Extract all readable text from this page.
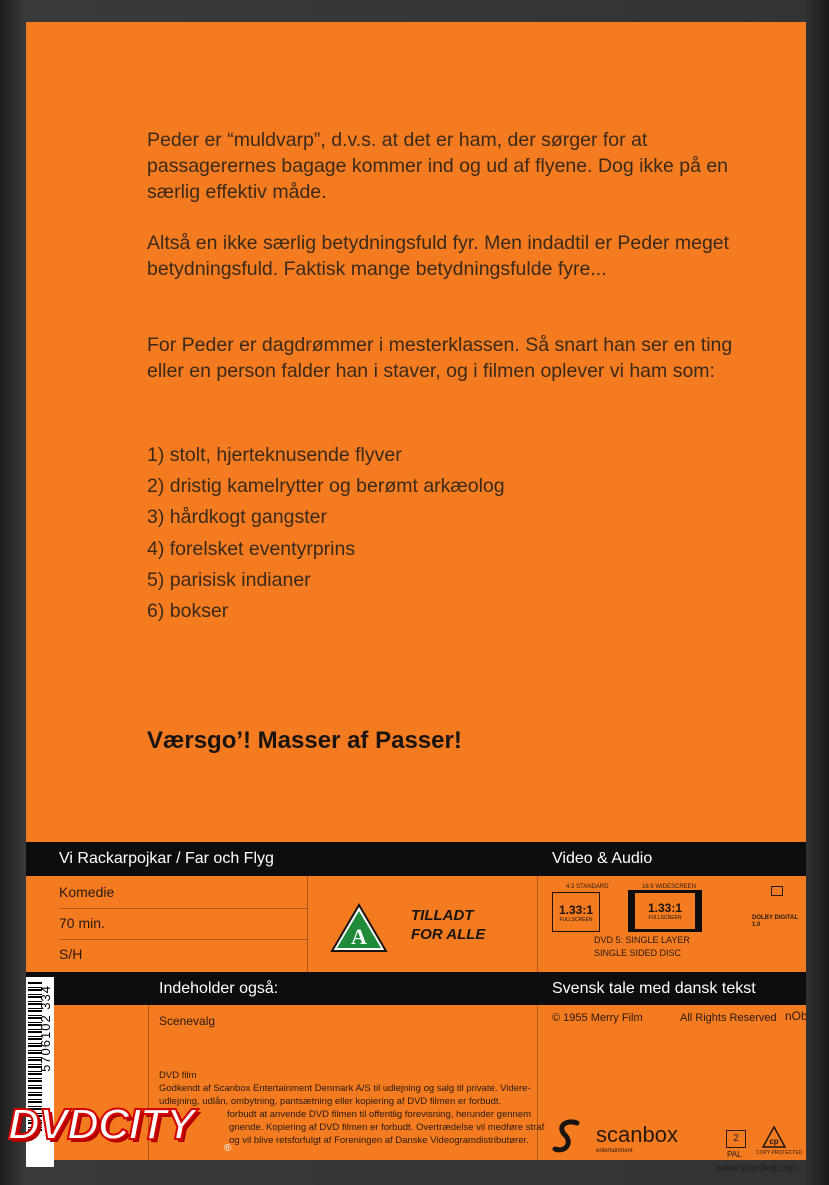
Peder er “muldvarp”, d.v.s. at det er ham, der sørger for at passagerernes bagage kommer ind og ud af flyene. Dog ikke på en særlig effektiv måde.
Altså en ikke særlig betydningsfuld fyr. Men indadtil er Peder meget betydningsfuld. Faktisk mange betydningsfulde fyre...
For Peder er dagdrømmer i mesterklassen. Så snart han ser en ting eller en person falder han i staver, og i filmen oplever vi ham som:
1) stolt, hjerteknusende flyver
2) dristig kamelrytter og berømt arkæolog
3) hårdkogt gangster
4) forelsket eventyrprins
5) parisisk indianer
6) bokser
Værsgo’! Masser af Passer!
Vi Rackarpojkar / Far och Flyg	Video & Audio
Komedie
70 min.
S/H
A
TILLADT
FOR ALLE
4:3 STANDARD
1.33:1
FULLSCREEN
16:9 WIDESCREEN
1.33:1
FULLSCREEN
DVD 5: SINGLE LAYER
SINGLE SIDED DISC
DOLBY DIGITAL 1.0
Indeholder også:	Svensk tale med dansk tekst
Scenevalg	© 1955 Merry Film	All Rights Reserved nOb
DVD film
Godkendt af Scanbox Entertainment Denmark A/S til udlejning og salg til private. Videre-
udlejning, udlån, ombytning, pantsætning eller kopiering af DVD filmen er forbudt.
forbudt at anvende DVD filmen til offentlig forevisning, herunder gennem
gnende. Kopiering af DVD filmen er forbudt. Overtrædelse vil medføre straf
og vil blive retsforfulgt af Foreningen af Danske Videogramdistributører.
5706102 334
scanbox
entertainment
2
PAL
cp
COPY PROTECTED
www.scanbox.com
DVDCITY	®
